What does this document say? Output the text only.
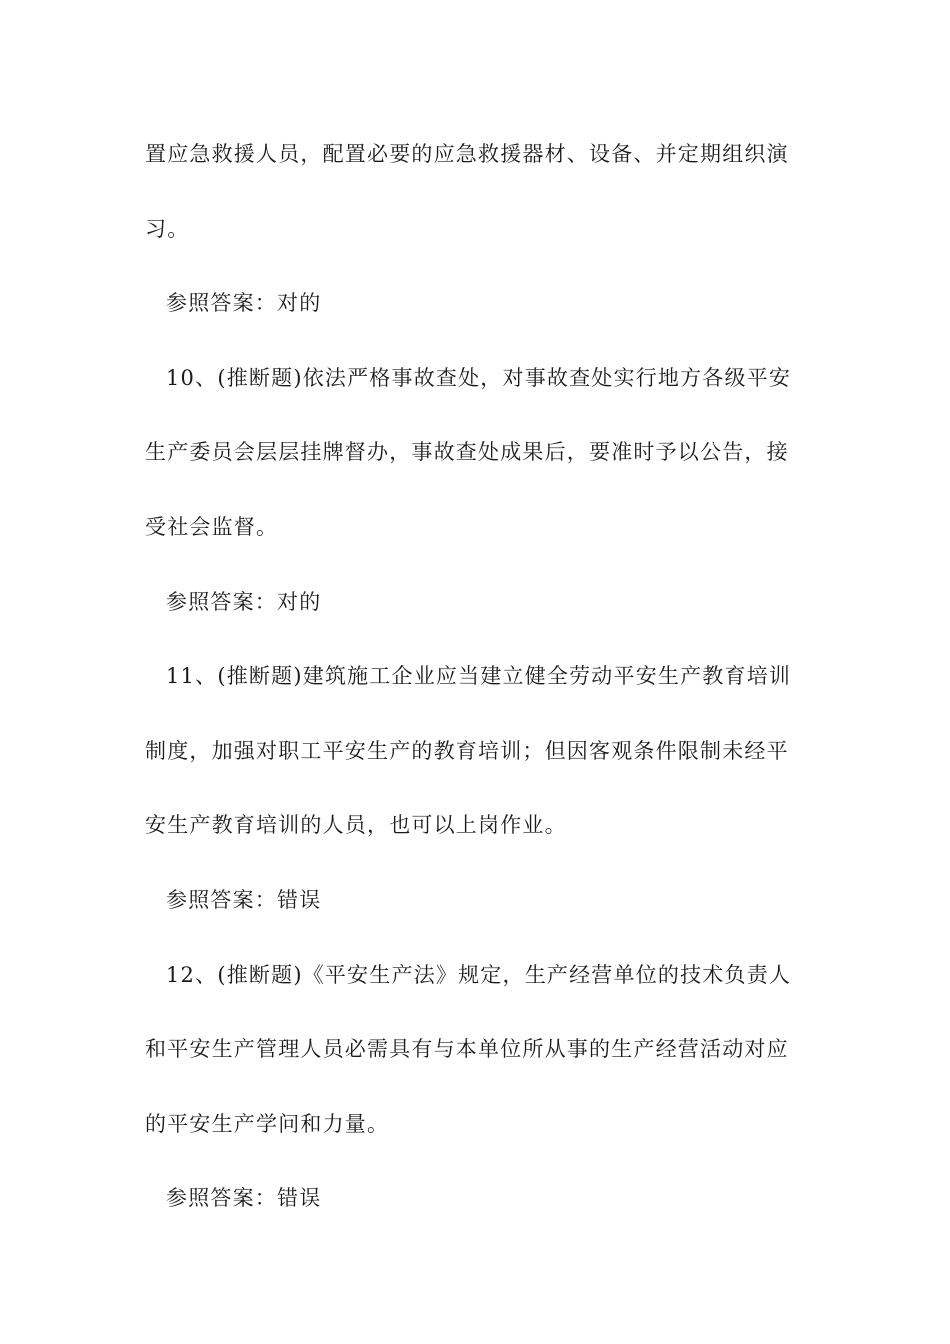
置应急救援人员，配置必要的应急救援器材、设备、并定期组织演
习。
参照答案：对的
10、(推断题)依法严格事故查处，对事故查处实行地方各级平安
生产委员会层层挂牌督办，事故查处成果后，要准时予以公告，接
受社会监督。
参照答案：对的
11、(推断题)建筑施工企业应当建立健全劳动平安生产教育培训
制度，加强对职工平安生产的教育培训；但因客观条件限制未经平
安生产教育培训的人员，也可以上岗作业。
参照答案：错误
12、(推断题)《平安生产法》规定，生产经营单位的技术负责人
和平安生产管理人员必需具有与本单位所从事的生产经营活动对应
的平安生产学问和力量。
参照答案：错误
